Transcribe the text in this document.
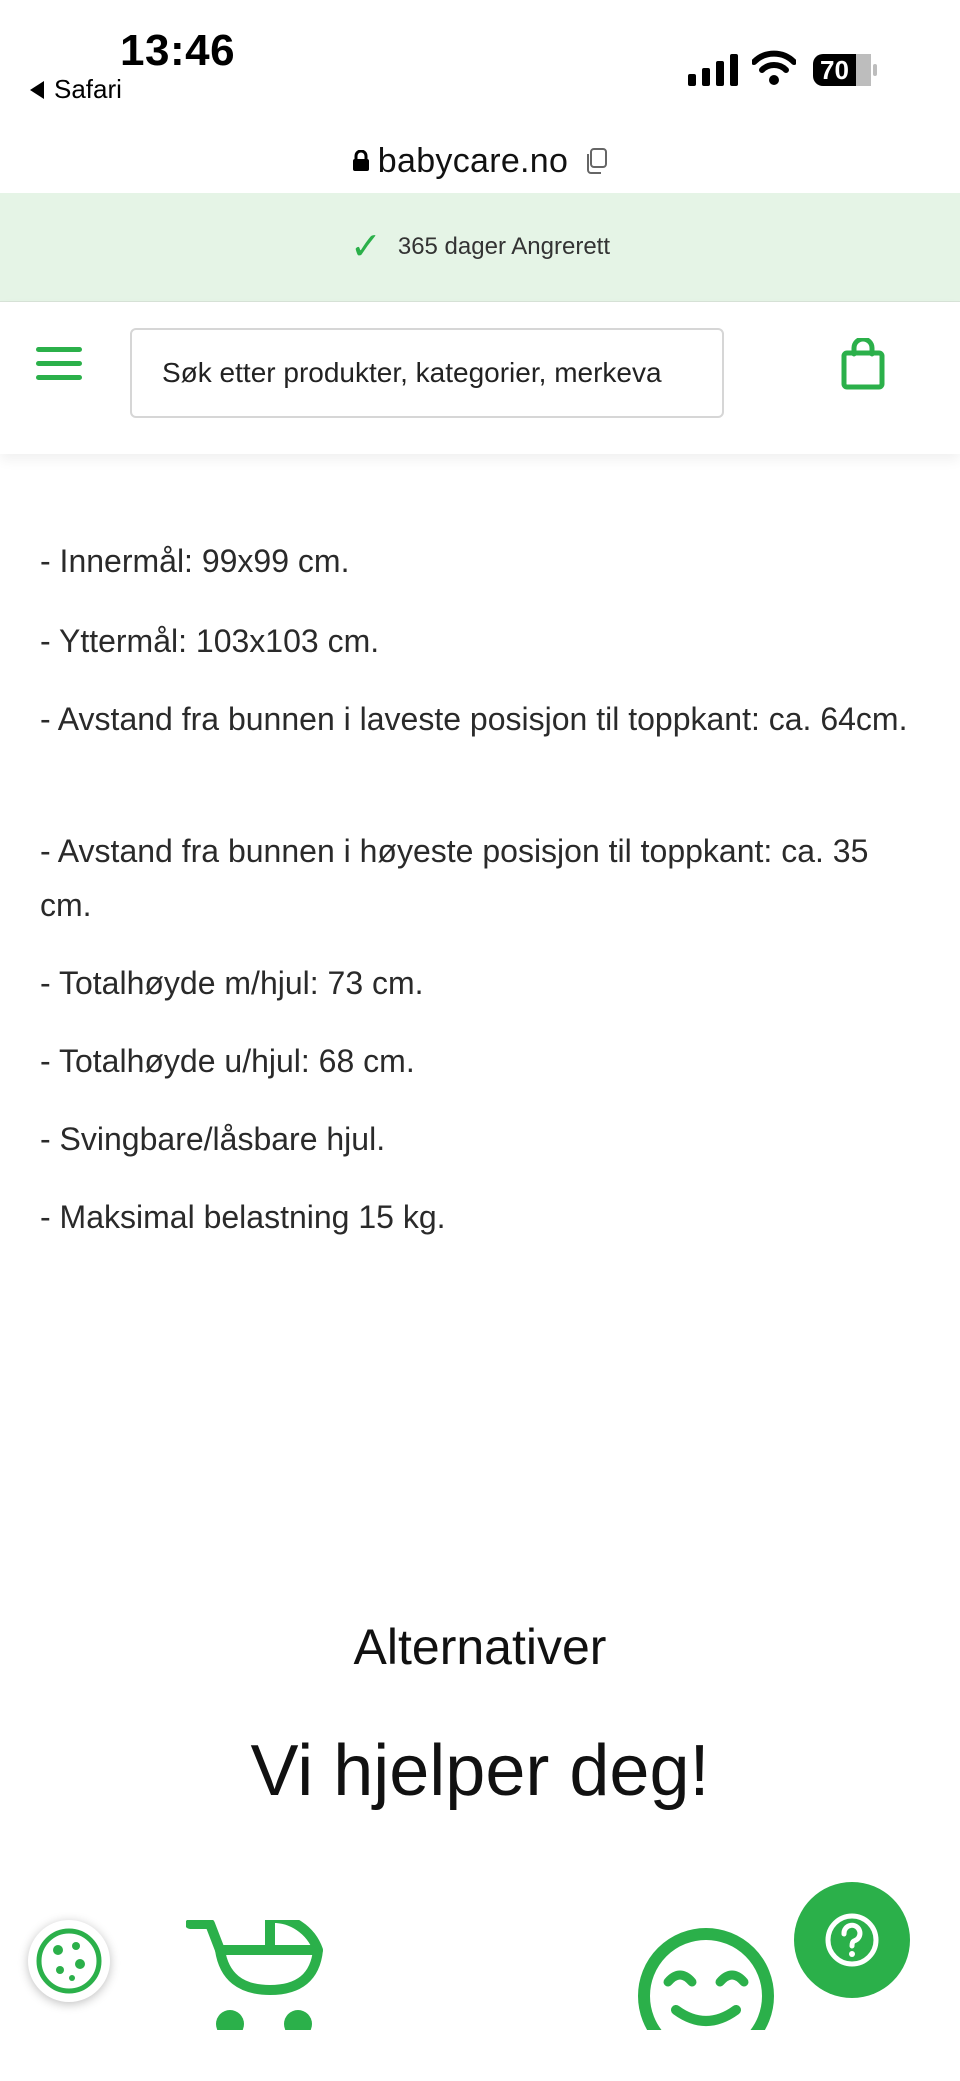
13:46
Safari
70
babycare.no
✓ 365 dager Angrerett
Søk etter produkter, kategorier, merkeva
- Innermål: 99x99 cm.
- Yttermål: 103x103 cm.
- Avstand fra bunnen i laveste posisjon til toppkant: ca. 64cm.
- Avstand fra bunnen i høyeste posisjon til toppkant: ca. 35 cm.
- Totalhøyde m/hjul: 73 cm.
- Totalhøyde u/hjul: 68 cm.
- Svingbare/låsbare hjul.
- Maksimal belastning 15 kg.
Alternativer
Vi hjelper deg!
